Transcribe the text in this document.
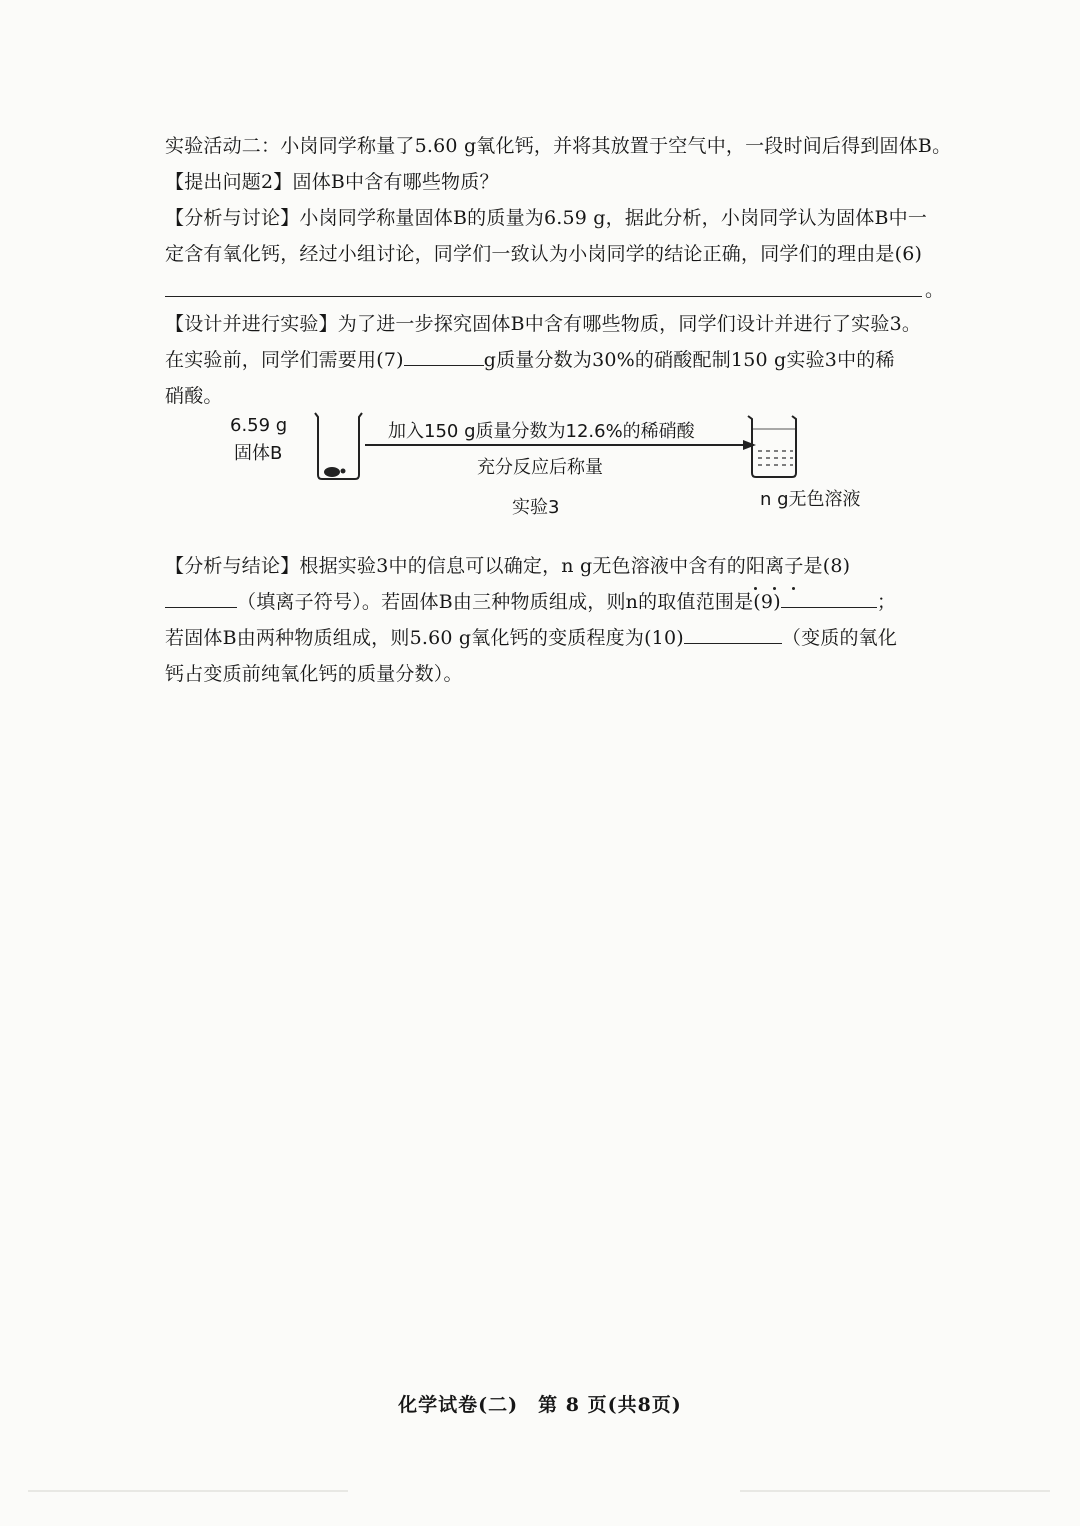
实验活动二：小岗同学称量了5.60 g氧化钙，并将其放置于空气中，一段时间后得到固体B。
【提出问题2】固体B中含有哪些物质？
【分析与讨论】小岗同学称量固体B的质量为6.59 g，据此分析，小岗同学认为固体B中一
定含有氧化钙，经过小组讨论，同学们一致认为小岗同学的结论正确，同学们的理由是(6)
。
【设计并进行实验】为了进一步探究固体B中含有哪些物质，同学们设计并进行了实验3。
在实验前，同学们需要用(7)	g质量分数为30%的硝酸配制150 g实验3中的稀
硝酸。
【分析与结论】根据实验3中的信息可以确定，n g无色溶液中含有的阳离子是(8)
（填离子符号）。若固体B由三种物质组成，则n的取值范围是(9)	；
若固体B由两种物质组成，则5.60 g氧化钙的变质程度为(10)	（变质的氧化
钙占变质前纯氧化钙的质量分数）。
6.59 g
固体B
加入150 g质量分数为12.6%的稀硝酸
充分反应后称量
实验3	n g无色溶液
化学试卷(二)　第 8 页(共8页)
